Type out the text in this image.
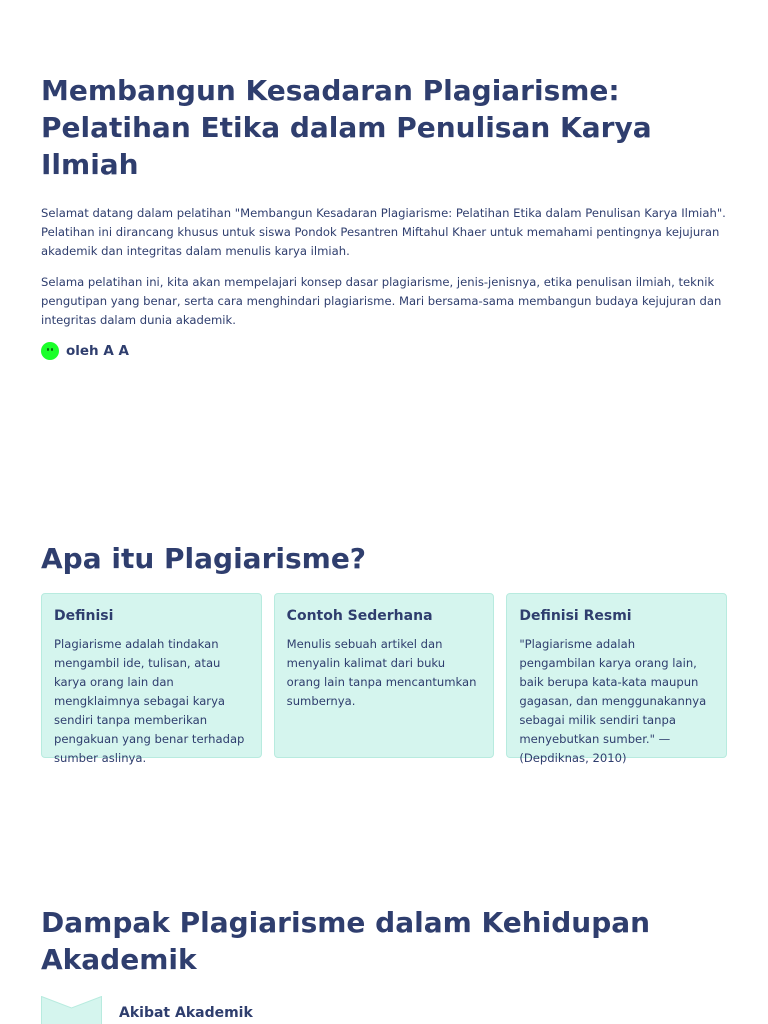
Membangun Kesadaran Plagiarisme: Pelatihan Etika dalam Penulisan Karya Ilmiah

Selamat datang dalam pelatihan "Membangun Kesadaran Plagiarisme: Pelatihan Etika dalam Penulisan Karya Ilmiah". Pelatihan ini dirancang khusus untuk siswa Pondok Pesantren Miftahul Khaer untuk memahami pentingnya kejujuran akademik dan integritas dalam menulis karya ilmiah.

Selama pelatihan ini, kita akan mempelajari konsep dasar plagiarisme, jenis-jenisnya, etika penulisan ilmiah, teknik pengutipan yang benar, serta cara menghindari plagiarisme. Mari bersama-sama membangun budaya kejujuran dan integritas dalam dunia akademik.

oleh A A
Apa itu Plagiarisme?
Definisi

Plagiarisme adalah tindakan mengambil ide, tulisan, atau karya orang lain dan mengklaimnya sebagai karya sendiri tanpa memberikan pengakuan yang benar terhadap sumber aslinya.

Contoh Sederhana

Menulis sebuah artikel dan menyalin kalimat dari buku orang lain tanpa mencantumkan sumbernya.

Definisi Resmi

"Plagiarisme adalah pengambilan karya orang lain, baik berupa kata-kata maupun gagasan, dan menggunakannya sebagai milik sendiri tanpa menyebutkan sumber." — (Depdiknas, 2010)

Dampak Plagiarisme dalam Kehidupan Akademik
Akibat Akademik
